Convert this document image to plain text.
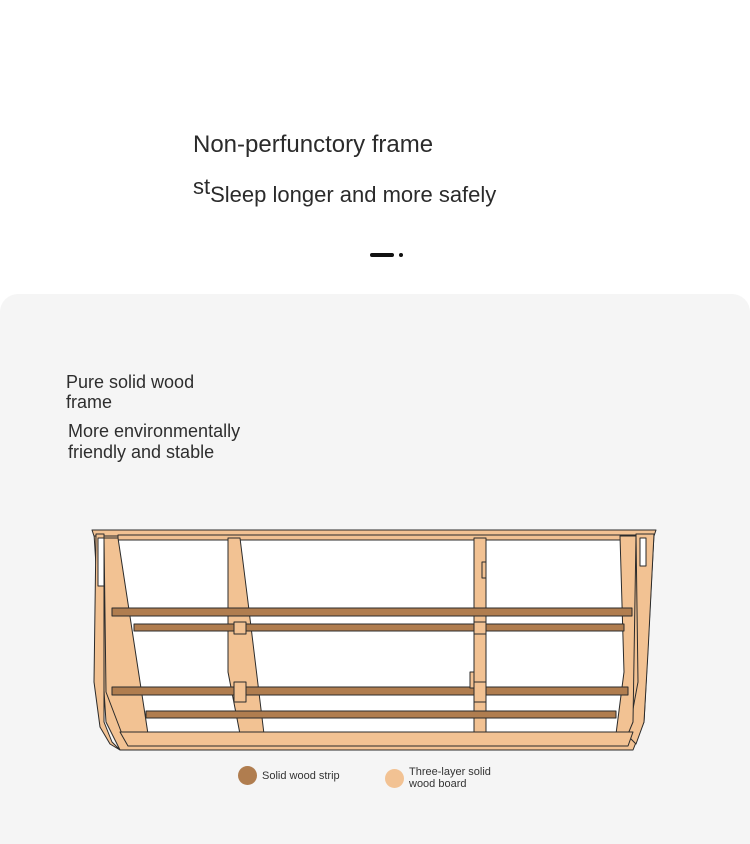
Non-perfunctory frame
stSleep longer and more safely
Pure solid wood frame
More environmentally friendly and stable
Solid wood strip	Three-layer solid wood board
